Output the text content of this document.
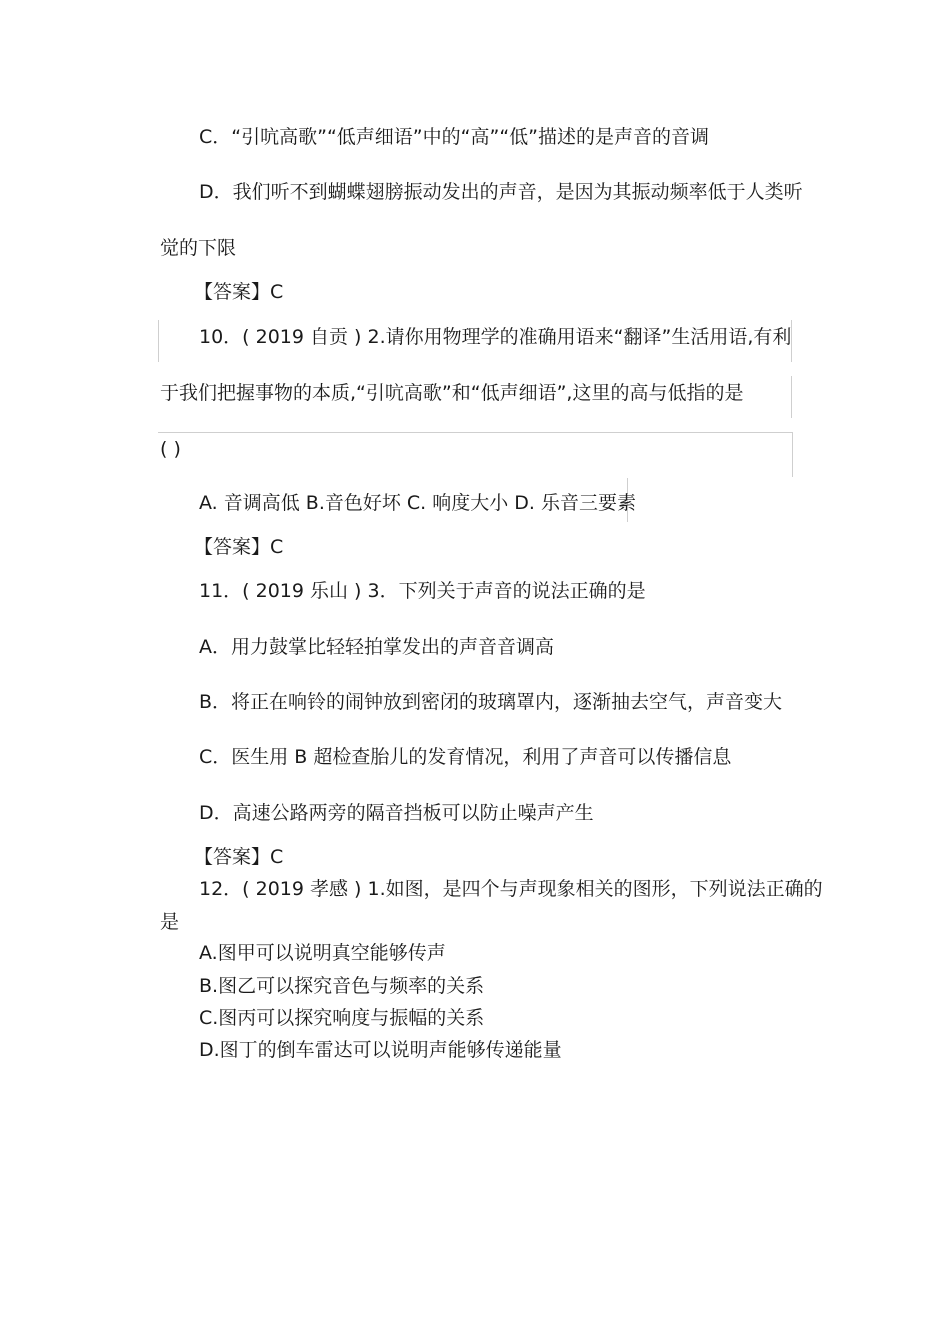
C．“引吭高歌”“低声细语”中的“高”“低”描述的是声音的音调
D．我们听不到蝴蝶翅膀振动发出的声音，是因为其振动频率低于人类听
觉的下限
【答案】C
10．( 2019 自贡 ) 2.请你用物理学的准确用语来“翻译”生活用语,有利
于我们把握事物的本质,“引吭高歌”和“低声细语”,这里的高与低指的是
( )
A. 音调高低 B.音色好坏 C. 响度大小 D. 乐音三要素
【答案】C
11．( 2019 乐山 ) 3．下列关于声音的说法正确的是
A．用力鼓掌比轻轻拍掌发出的声音音调高
B．将正在响铃的闹钟放到密闭的玻璃罩内，逐渐抽去空气，声音变大
C．医生用 B 超检查胎儿的发育情况，利用了声音可以传播信息
D．高速公路两旁的隔音挡板可以防止噪声产生
【答案】C
12．( 2019 孝感 ) 1.如图，是四个与声现象相关的图形，下列说法正确的
是
A.图甲可以说明真空能够传声
B.图乙可以探究音色与频率的关系
C.图丙可以探究响度与振幅的关系
D.图丁的倒车雷达可以说明声能够传递能量
